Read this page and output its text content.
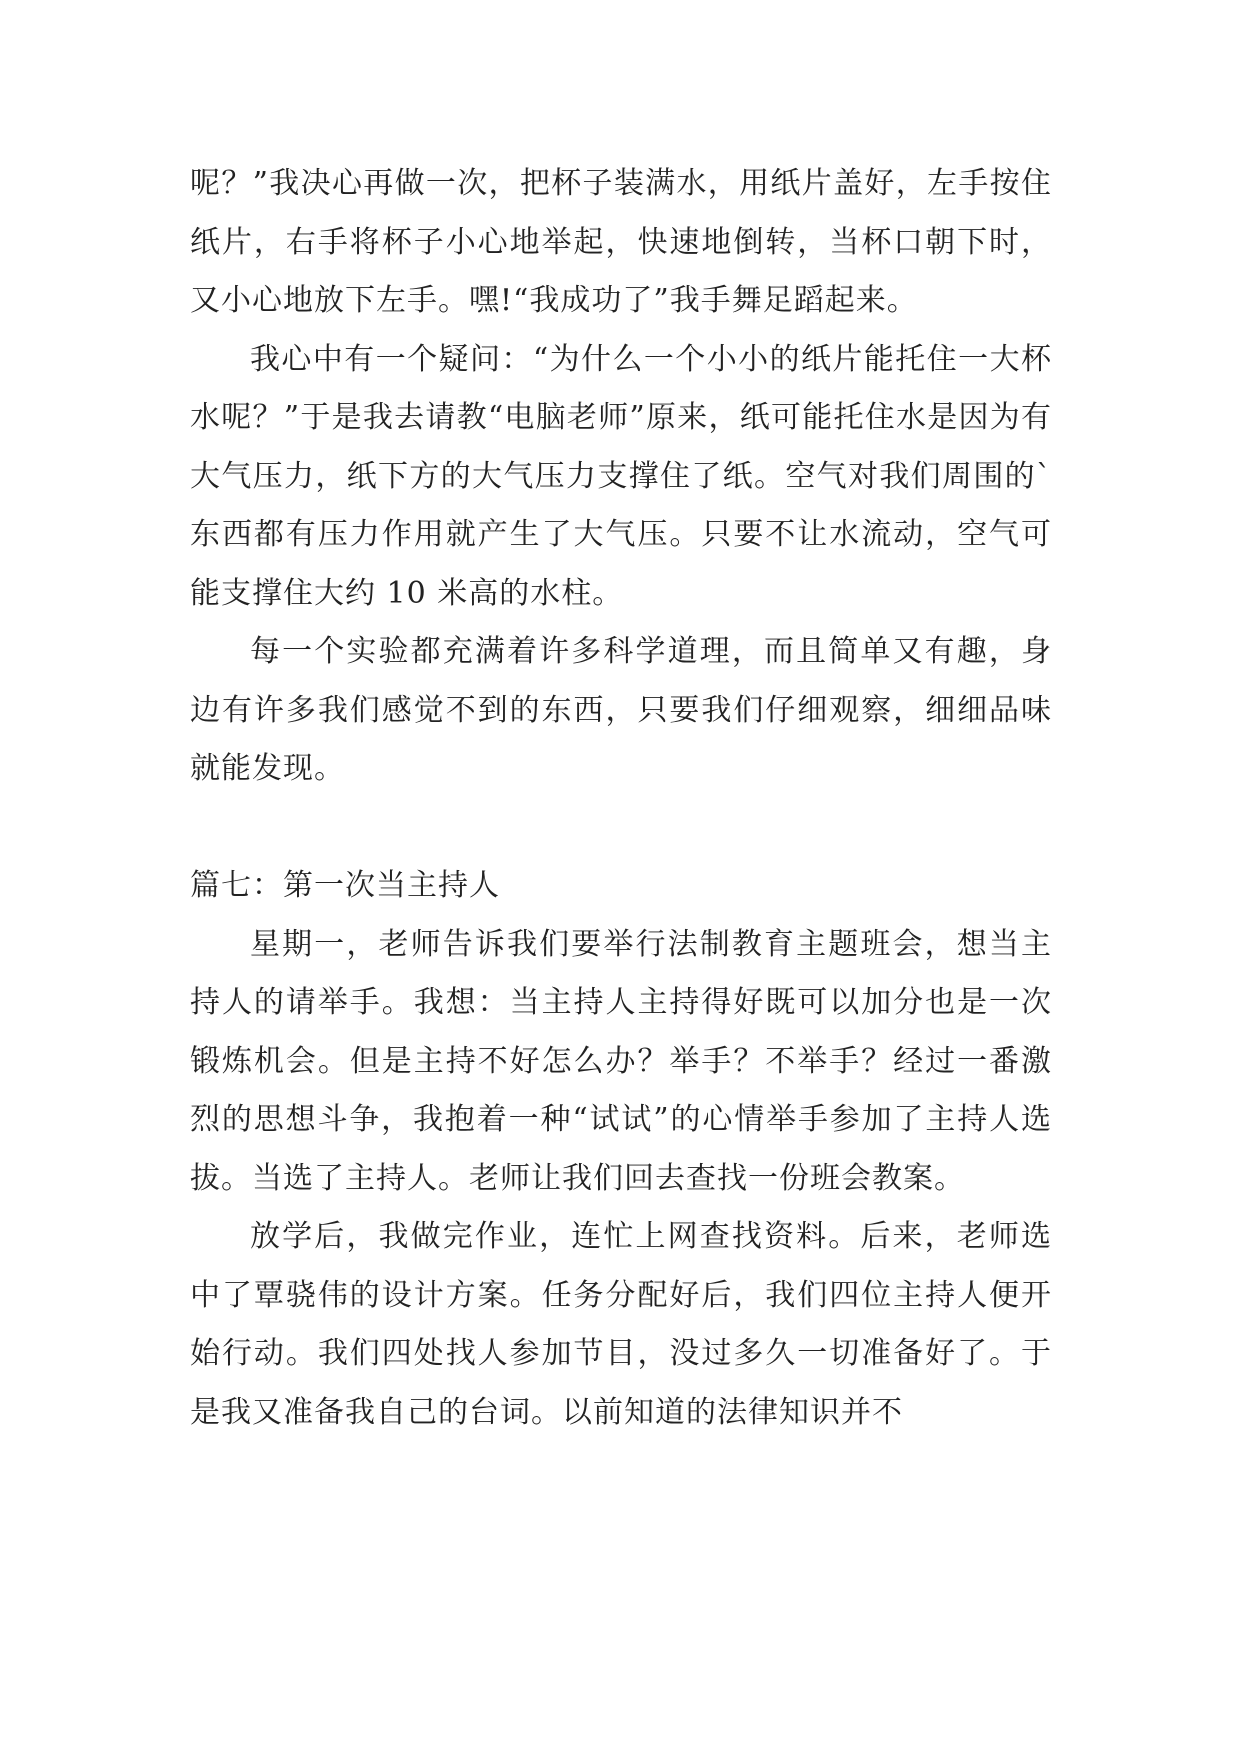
呢？”我决心再做一次，把杯子装满水，用纸片盖好，左手按住纸片，右手将杯子小心地举起，快速地倒转，当杯口朝下时，又小心地放下左手。嘿!“我成功了”我手舞足蹈起来。

我心中有一个疑问：“为什么一个小小的纸片能托住一大杯水呢？”于是我去请教“电脑老师”原来，纸可能托住水是因为有大气压力，纸下方的大气压力支撑住了纸。空气对我们周围的`东西都有压力作用就产生了大气压。只要不让水流动，空气可能支撑住大约 10 米高的水柱。

每一个实验都充满着许多科学道理，而且简单又有趣，身边有许多我们感觉不到的东西，只要我们仔细观察，细细品味就能发现。

篇七：第一次当主持人

星期一，老师告诉我们要举行法制教育主题班会，想当主持人的请举手。我想：当主持人主持得好既可以加分也是一次锻炼机会。但是主持不好怎么办？举手？不举手？经过一番激烈的思想斗争，我抱着一种“试试”的心情举手参加了主持人选拔。当选了主持人。老师让我们回去查找一份班会教案。

放学后，我做完作业，连忙上网查找资料。后来，老师选中了覃骁伟的设计方案。任务分配好后，我们四位主持人便开始行动。我们四处找人参加节目，没过多久一切准备好了。于是我又准备我自己的台词。以前知道的法律知识并不
